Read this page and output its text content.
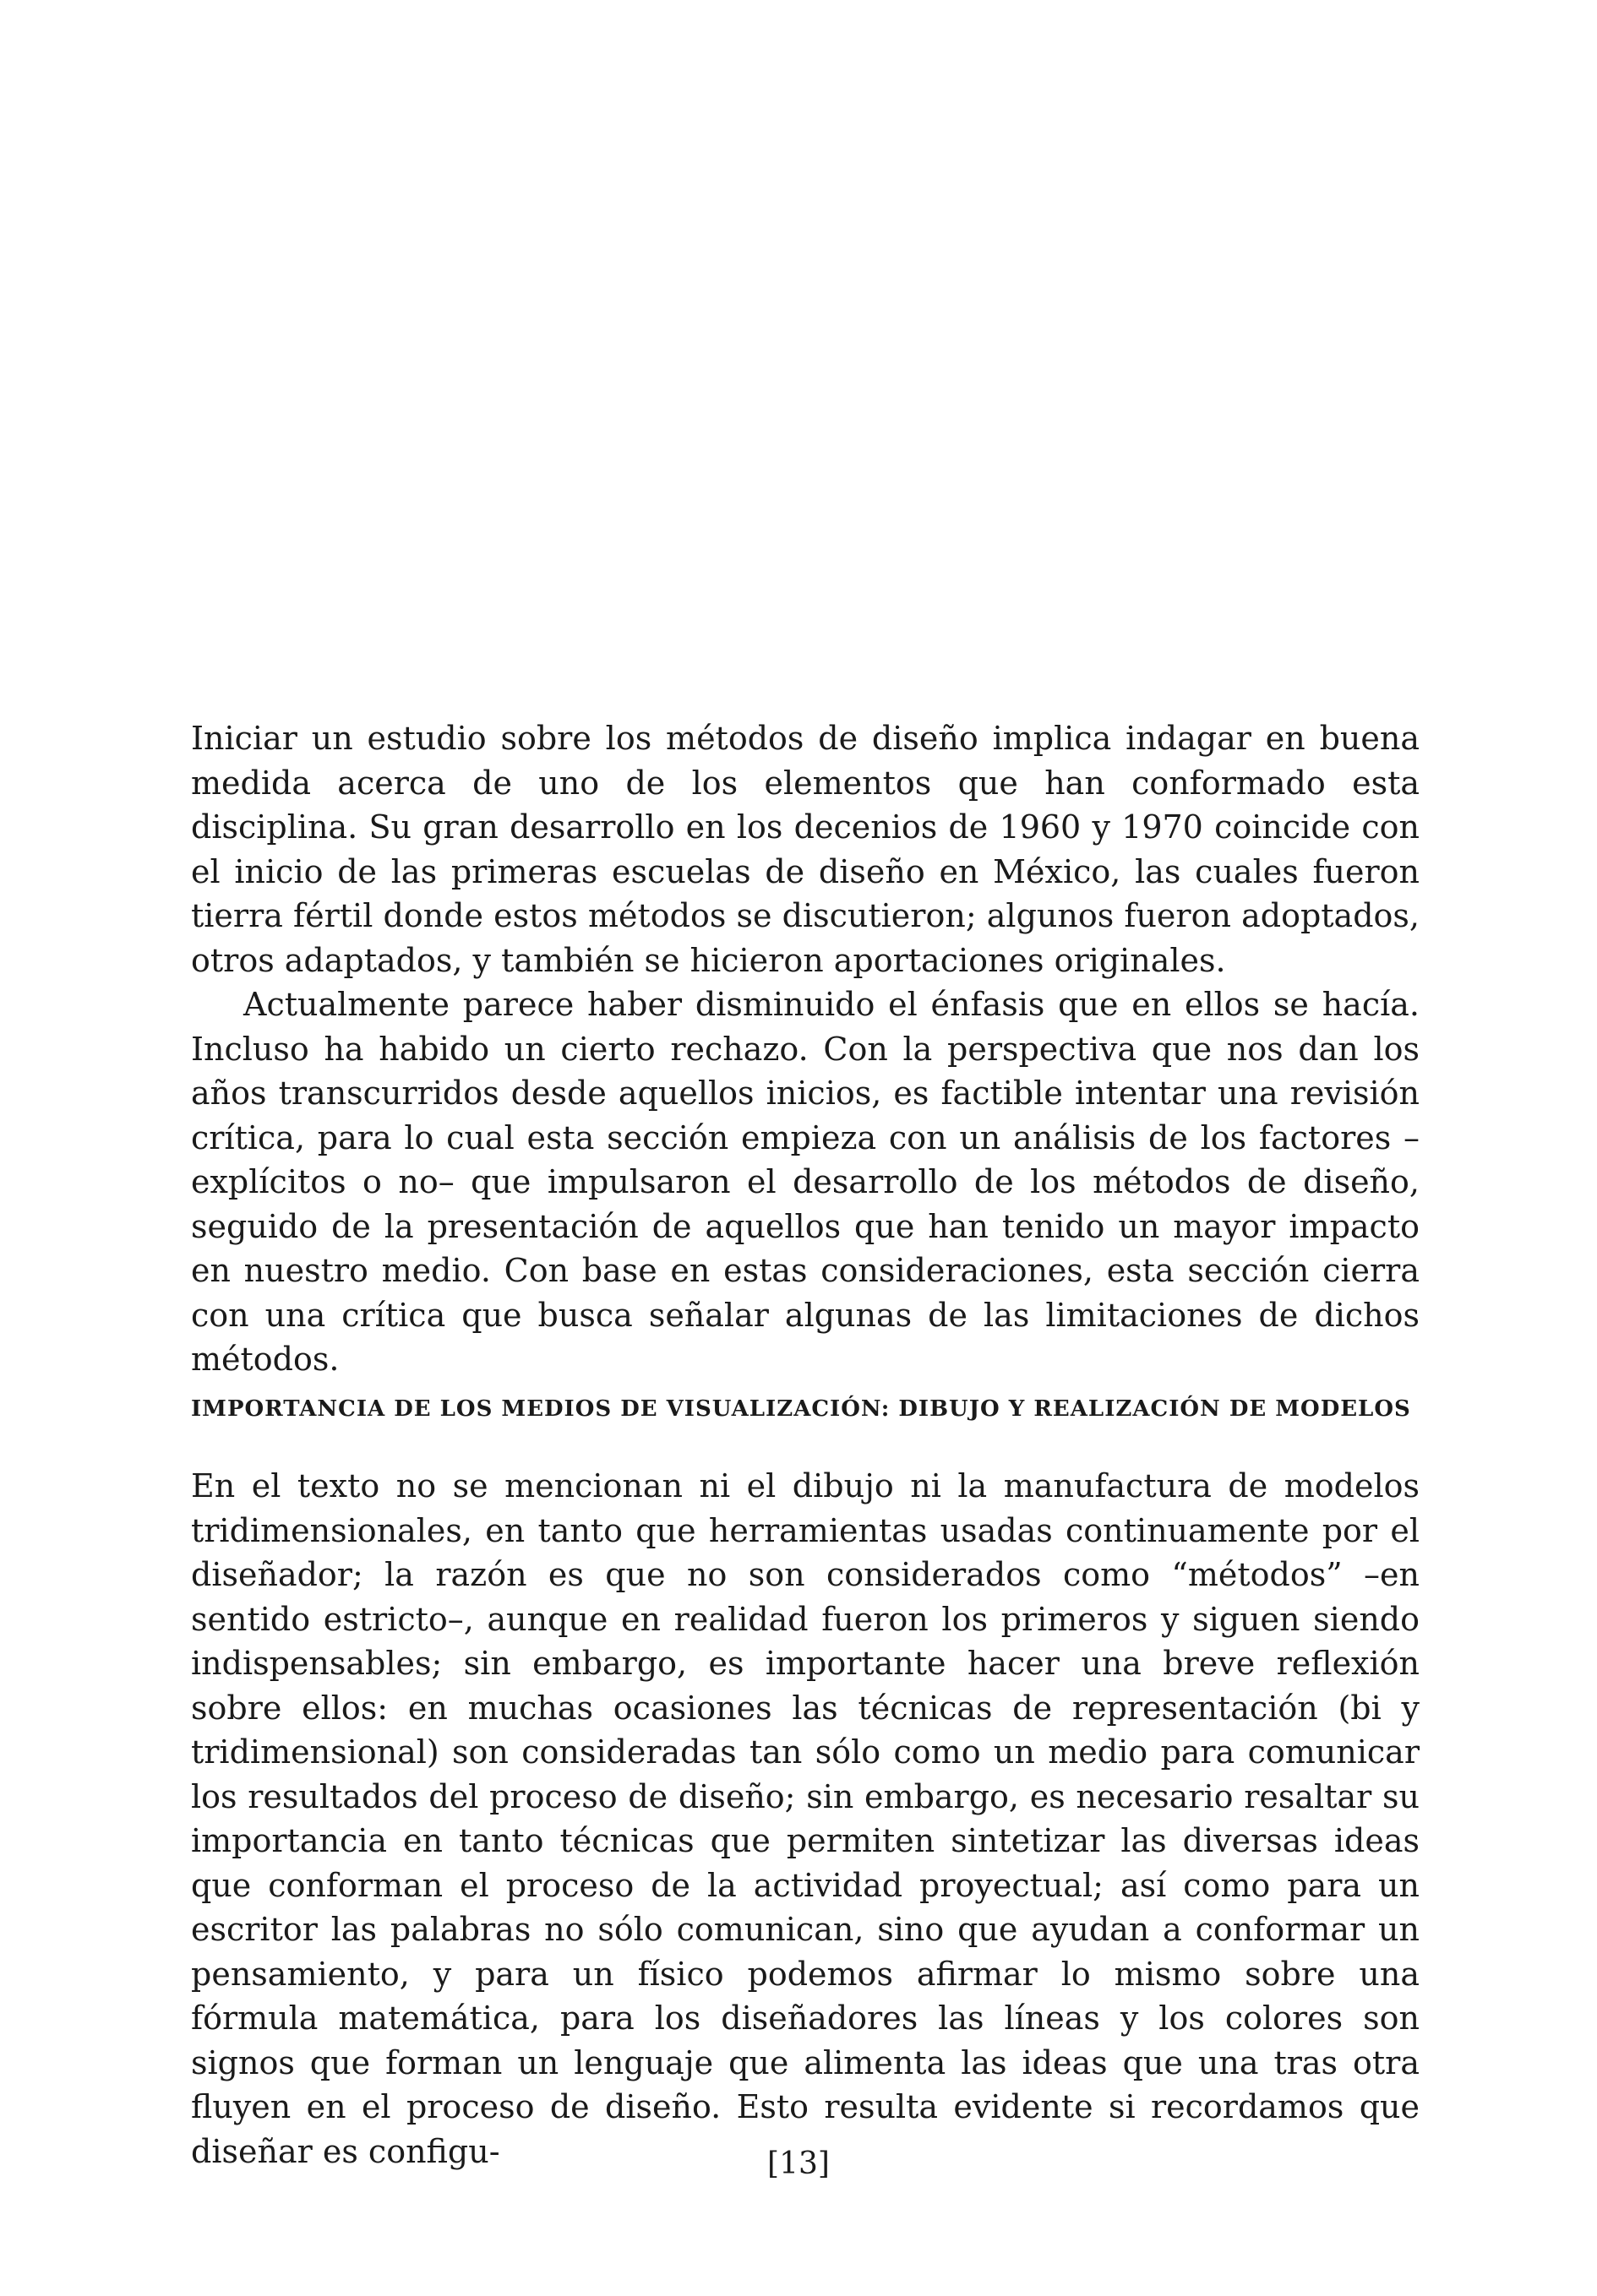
Iniciar un estudio sobre los métodos de diseño implica indagar en buena medida acerca de uno de los elementos que han conformado esta disciplina. Su gran desarrollo en los decenios de 1960 y 1970 coincide con el inicio de las primeras escuelas de diseño en México, las cuales fueron tierra fértil donde estos métodos se discutieron; algunos fueron adoptados, otros adaptados, y también se hicieron aportaciones originales.

Actualmente parece haber disminuido el énfasis que en ellos se hacía. Incluso ha habido un cierto rechazo. Con la perspectiva que nos dan los años transcurridos desde aquellos inicios, es factible intentar una revisión crítica, para lo cual esta sección empieza con un análisis de los factores –explícitos o no– que impulsaron el desarrollo de los métodos de diseño, seguido de la presentación de aquellos que han tenido un mayor impacto en nuestro medio. Con base en estas consideraciones, esta sección cierra con una crítica que busca señalar algunas de las limitaciones de dichos métodos.

IMPORTANCIA DE LOS MEDIOS DE VISUALIZACIÓN: DIBUJO Y REALIZACIÓN DE MODELOS

En el texto no se mencionan ni el dibujo ni la manufactura de modelos tridimensionales, en tanto que herramientas usadas continuamente por el diseñador; la razón es que no son considerados como “métodos” –en sentido estricto–, aunque en realidad fueron los primeros y siguen siendo indispensables; sin embargo, es importante hacer una breve reflexión sobre ellos: en muchas ocasiones las técnicas de representación (bi y tridimensional) son consideradas tan sólo como un medio para comunicar los resultados del proceso de diseño; sin embargo, es necesario resaltar su importancia en tanto técnicas que permiten sintetizar las diversas ideas que conforman el proceso de la actividad proyectual; así como para un escritor las palabras no sólo comunican, sino que ayudan a conformar un pensamiento, y para un físico podemos afirmar lo mismo sobre una fórmula matemática, para los diseñadores las líneas y los colores son signos que forman un lenguaje que alimenta las ideas que una tras otra fluyen en el proceso de diseño. Esto resulta evidente si recordamos que diseñar es configu-	[13]
